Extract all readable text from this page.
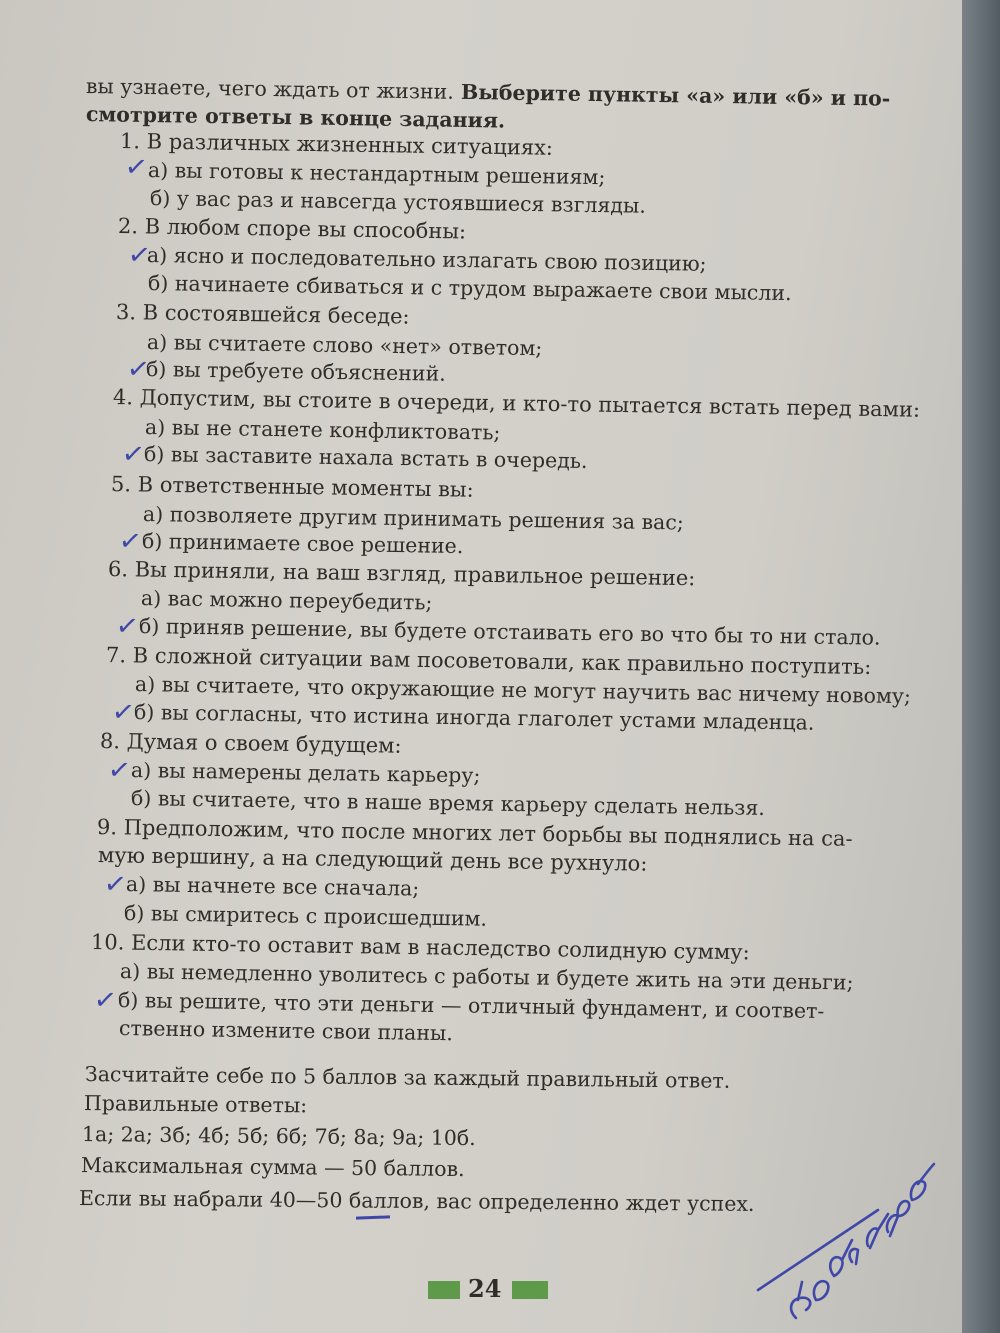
вы узнаете, чего ждать от жизни. Выберите пункты «а» или «б» и по-
смотрите ответы в конце задания.
1. В различных жизненных ситуациях:
а) вы готовы к нестандартным решениям;
б) у вас раз и навсегда устоявшиеся взгляды.
2. В любом споре вы способны:
а) ясно и последовательно излагать свою позицию;
б) начинаете сбиваться и с трудом выражаете свои мысли.
3. В состоявшейся беседе:
а) вы считаете слово «нет» ответом;
б) вы требуете объяснений.
4. Допустим, вы стоите в очереди, и кто-то пытается встать перед вами:
а) вы не станете конфликтовать;
б) вы заставите нахала встать в очередь.
5. В ответственные моменты вы:
а) позволяете другим принимать решения за вас;
б) принимаете свое решение.
6. Вы приняли, на ваш взгляд, правильное решение:
а) вас можно переубедить;
б) приняв решение, вы будете отстаивать его во что бы то ни стало.
7. В сложной ситуации вам посоветовали, как правильно поступить:
а) вы считаете, что окружающие не могут научить вас ничему новому;
б) вы согласны, что истина иногда глаголет устами младенца.
8. Думая о своем будущем:
а) вы намерены делать карьеру;
б) вы считаете, что в наше время карьеру сделать нельзя.
9. Предположим, что после многих лет борьбы вы поднялись на са-
мую вершину, а на следующий день все рухнуло:
а) вы начнете все сначала;
б) вы смиритесь с происшедшим.
10. Если кто-то оставит вам в наследство солидную сумму:
а) вы немедленно уволитесь с работы и будете жить на эти деньги;
б) вы решите, что эти деньги — отличный фундамент, и соответ-
ственно измените свои планы.
Засчитайте себе по 5 баллов за каждый правильный ответ.
Правильные ответы:
1а; 2а; 3б; 4б; 5б; 6б; 7б; 8а; 9а; 10б.
Максимальная сумма — 50 баллов.
Если вы набрали 40—50 баллов, вас определенно ждет успех.
✓
✓
✓
✓
✓
✓
✓
✓
✓
✓
24
